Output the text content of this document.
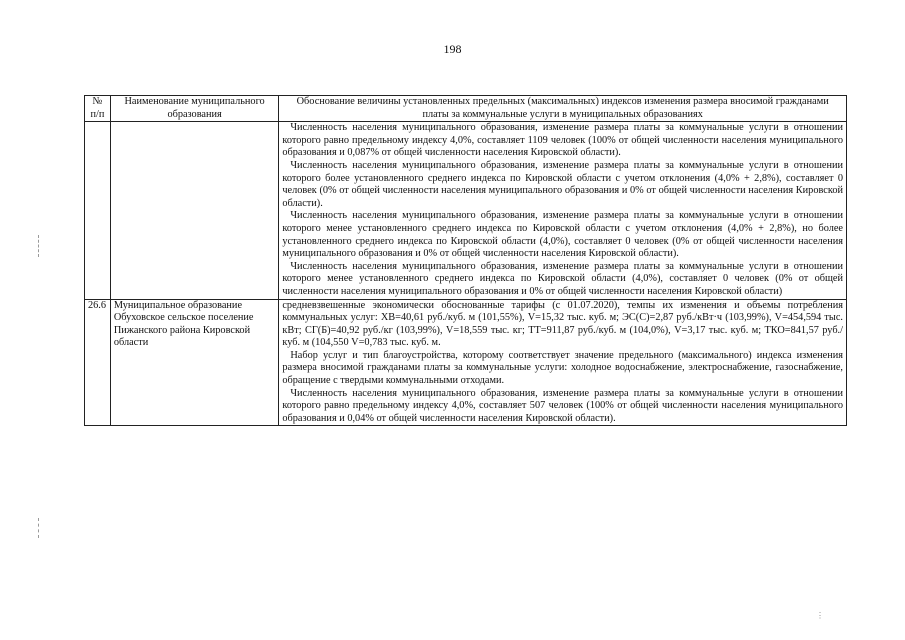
198
⋮
№ п/п	Наименование муниципального образования	Обоснование величины установленных предельных (максимальных) индексов изменения размера вносимой гражданами платы за коммунальные услуги в муниципальных образованиях

		Численность населения муниципального образования, изменение размера платы за коммунальные услуги в отношении которого равно предельному индексу 4,0%, составляет 1109 человек (100% от общей численности населения муниципального образования и 0,087% от общей численности населения Кировской области).

Численность населения муниципального образования, изменение размера платы за коммунальные услуги в отношении которого более установленного среднего индекса по Кировской области с учетом отклонения (4,0% + 2,8%), составляет 0 человек (0% от общей численности населения муниципального образования и 0% от общей численности населения Кировской области).

Численность населения муниципального образования, изменение размера платы за коммунальные услуги в отношении которого менее установленного среднего индекса по Кировской области с учетом отклонения (4,0% + 2,8%), но более установленного среднего индекса по Кировской области (4,0%), составляет 0 человек (0% от общей численности населения муниципального образования и 0% от общей численности населения Кировской области).

Численность населения муниципального образования, изменение размера платы за коммунальные услуги в отношении которого менее установленного среднего индекса по Кировской области (4,0%), составляет 0 человек (0% от общей численности населения муниципального образования и 0% от общей численности населения Кировской области)

26.6	Муниципальное образование Обуховское сельское поселение Пижанского района Кировской области	средневзвешенные экономически обоснованные тарифы (с 01.07.2020), темпы их изменения и объемы потребления коммунальных услуг: ХВ=40,61 руб./куб. м (101,55%), V=15,32 тыс. куб. м; ЭС(С)=2,87 руб./кВт·ч (103,99%), V=454,594 тыс. кВт; СГ(Б)=40,92 руб./кг (103,99%), V=18,559 тыс. кг; ТТ=911,87 руб./куб. м (104,0%), V=3,17 тыс. куб. м; ТКО=841,57 руб./куб. м (104,550 V=0,783 тыс. куб. м.

Набор услуг и тип благоустройства, которому соответствует значение предельного (максимального) индекса изменения размера вносимой гражданами платы за коммунальные услуги: холодное водоснабжение, электроснабжение, газоснабжение, обращение с твердыми коммунальными отходами.

Численность населения муниципального образования, изменение размера платы за коммунальные услуги в отношении которого равно предельному индексу 4,0%, составляет 507 человек (100% от общей численности населения муниципального образования и 0,04% от общей численности населения Кировской области).
